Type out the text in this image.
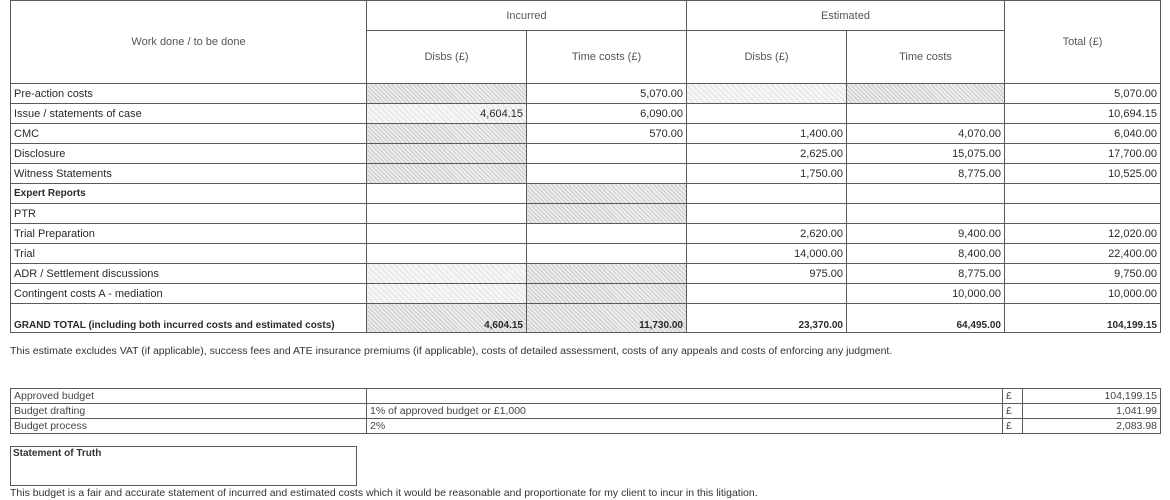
Work done / to be done	Incurred		Estimated		Total (£)
	Disbs (£)	Time costs (£)	Disbs (£)	Time costs	
Pre-action costs		5,070.00			5,070.00
Issue / statements of case	4,604.15	6,090.00			10,694.15
CMC		570.00	1,400.00	4,070.00	6,040.00
Disclosure			2,625.00	15,075.00	17,700.00
Witness Statements			1,750.00	8,775.00	10,525.00
Expert Reports					
PTR					
Trial Preparation			2,620.00	9,400.00	12,020.00
Trial			14,000.00	8,400.00	22,400.00
ADR / Settlement discussions			975.00	8,775.00	9,750.00
Contingent costs A - mediation				10,000.00	10,000.00
GRAND TOTAL (including both incurred costs and estimated costs)	4,604.15	11,730.00	23,370.00	64,495.00	104,199.15
This estimate excludes VAT (if applicable), success fees and ATE insurance premiums (if applicable), costs of detailed assessment, costs of any appeals and costs of enforcing any judgment.
Approved budget		£	104,199.15
Budget drafting	1% of approved budget or £1,000	£	1,041.99
Budget process	2%	£	2,083.98
Statement of Truth
This budget is a fair and accurate statement of incurred and estimated costs which it would be reasonable and proportionate for my client to incur in this litigation.
